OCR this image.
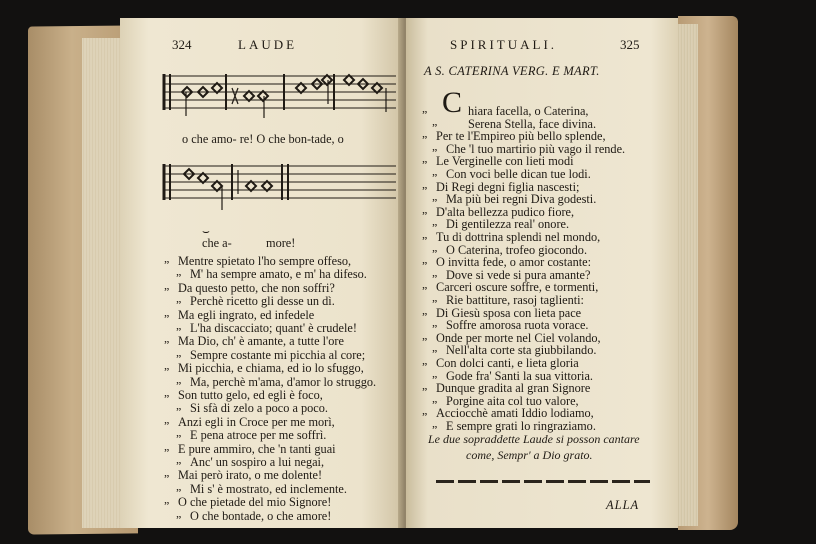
324	LAUDE
o che amo- re! O che bon-tade, o
⌣
che a-	more!
„ Mentre spietato l'ho sempre offeso,
„ M' ha sempre amato, e m' ha difeso.
„ Da questo petto, che non soffri?
„ Perchè ricetto gli desse un dì.
„ Ma egli ingrato, ed infedele
„ L'ha discacciato; quant' è crudele!
„ Ma Dio, ch' è amante, a tutte l'ore
„ Sempre costante mi picchia al core;
„ Mi picchia, e chiama, ed io lo sfuggo,
„ Ma, perchè m'ama, d'amor lo struggo.
„ Son tutto gelo, ed egli è foco,
„ Si sfà di zelo a poco a poco.
„ Anzi egli in Croce per me morì,
„ E pena atroce per me soffrì.
„ E pure ammiro, che 'n tanti guai
„ Anc' un sospiro a lui negai,
„ Mai però irato, o me dolente!
„ Mi s' è mostrato, ed inclemente.
„ O che pietade del mio Signore!
„ O che bontade, o che amore!
SPIRITUALI.	325
A S. CATERINA VERG. E MART.
C
„	hiara facella, o Caterina,
„ Serena Stella, face divina.
„ Per te l'Empireo più bello splende,
„ Che 'l tuo martirio più vago il rende.
„ Le Verginelle con lieti modi
„ Con voci belle dican tue lodi.
„ Di Regi degni figlia nascesti;
„ Ma più bei regni Diva godesti.
„ D'alta bellezza pudico fiore,
„ Di gentilezza real' onore.
„ Tu di dottrina splendi nel mondo,
„ O Caterina, trofeo giocondo.
„ O invitta fede, o amor costante:
„ Dove si vede si pura amante?
„ Carceri oscure soffre, e tormenti,
„ Rie battiture, rasoj taglienti:
„ Di Giesù sposa con lieta pace
„ Soffre amorosa ruota vorace.
„ Onde per morte nel Ciel volando,
„ Nell'alta corte sta giubbilando.
„ Con dolci canti, e lieta gloria
„ Gode fra' Santi la sua vittoria.
„ Dunque gradita al gran Signore
„ Porgine aita col tuo valore,
„ Acciocchè amati Iddio lodiamo,
„ E sempre grati lo ringraziamo.
Le due sopraddette Laude si posson cantare
come, Sempr' a Dio grato.
ALLA
